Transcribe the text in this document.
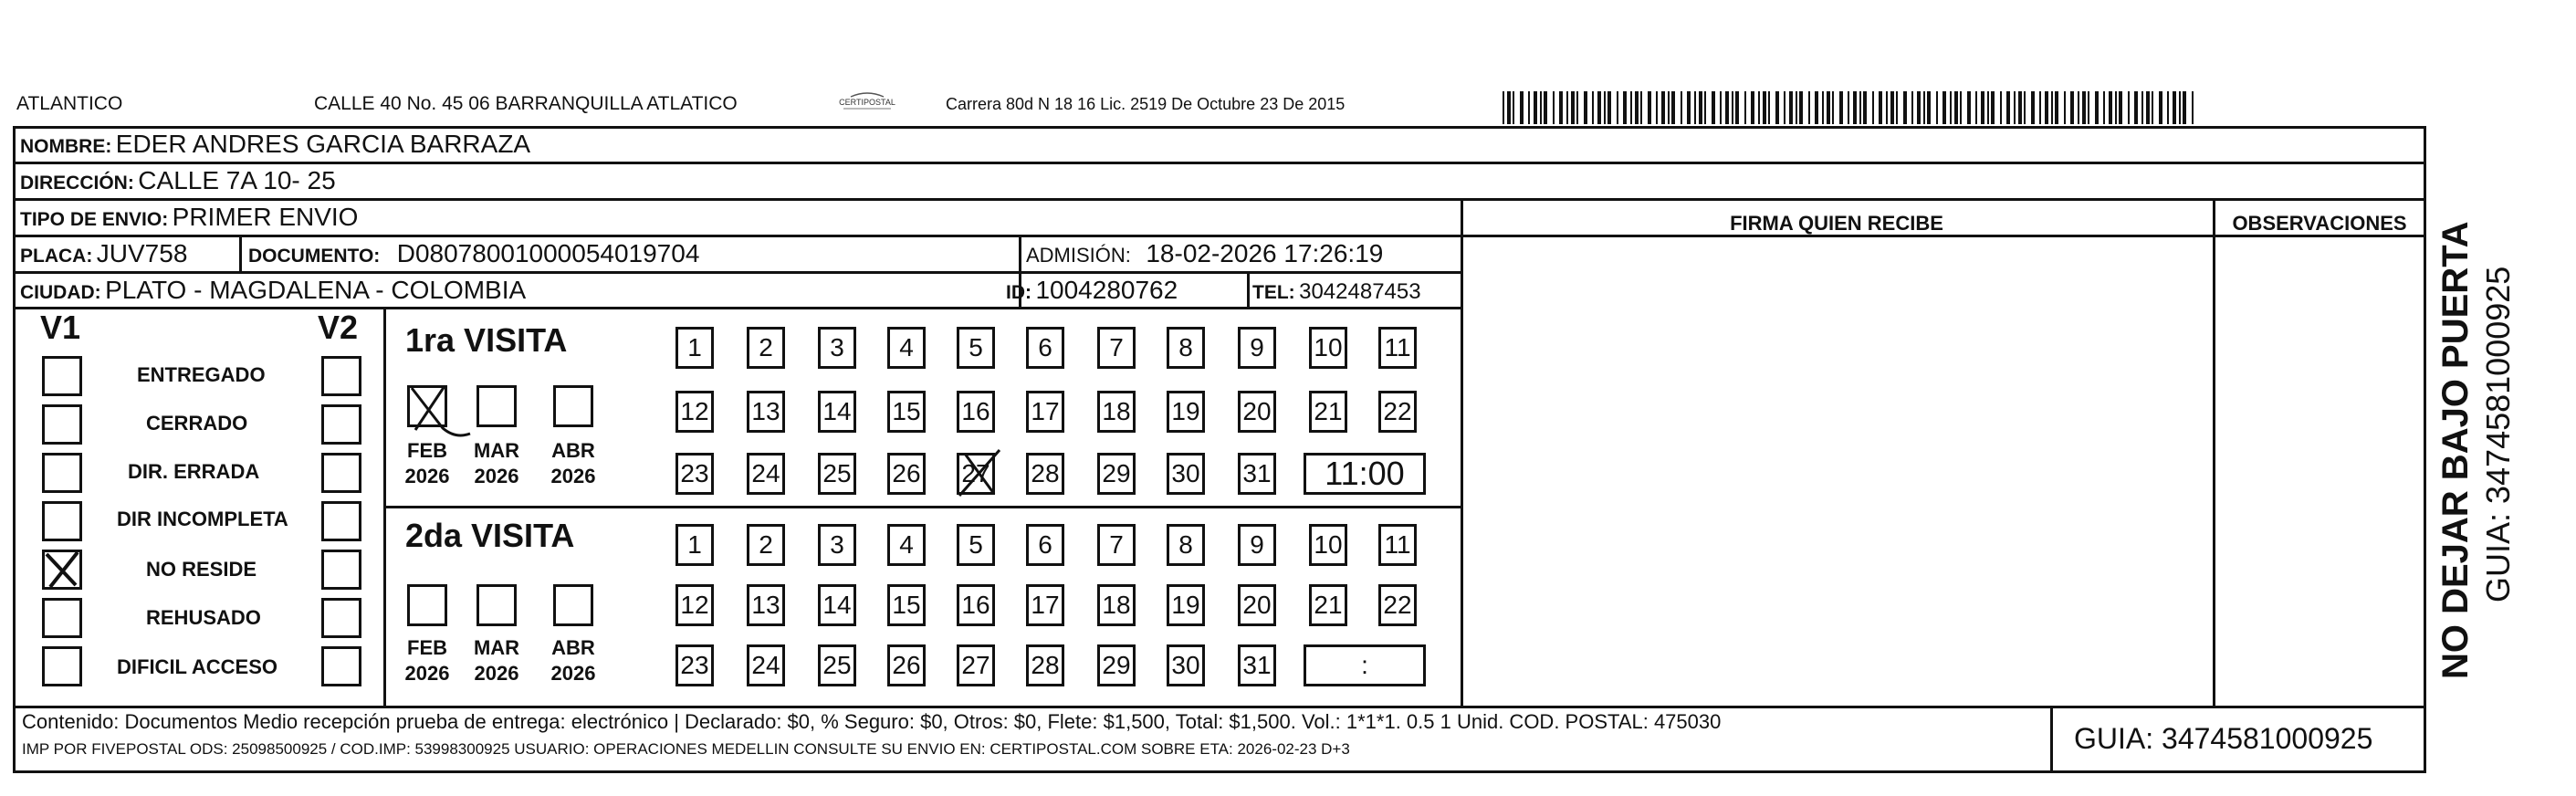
ATLANTICO	CALLE 40 No. 45 06 BARRANQUILLA ATLATICO	CERTIPOSTAL	Carrera 80d N 18 16 Lic. 2519 De Octubre 23 De 2015
NOMBRE: EDER ANDRES GARCIA BARRAZA
DIRECCIÓN: CALLE 7A 10- 25
TIPO DE ENVIO: PRIMER ENVIO	FIRMA QUIEN RECIBE	OBSERVACIONES
PLACA: JUV758	DOCUMENTO: D08078001000054019704	ADMISIÓN: 18-02-2026 17:26:19
CIUDAD: PLATO - MAGDALENA - COLOMBIA	ID: 1004280762	TEL: 3042487453
V1	V2
ENTREGADO
CERRADO
DIR. ERRADA
DIR INCOMPLETA
NO RESIDE
REHUSADO
DIFICIL ACCESO
1ra VISITA
2da VISITA
1	2	3	4	5	6	7	8	9	10 11
12 13 14 15 16 17 18 19 20 21 22
23 24 25 26 27 28 29 30 31	11:00
FEB
2026
MAR
2026
ABR
2026
1	2	3	4	5	6	7	8	9	10 11
12 13 14 15 16 17 18 19 20 21 22
23 24 25 26 27 28 29 30 31	:
FEB
2026
MAR
2026
ABR
2026
Contenido: Documentos Medio recepción prueba de entrega: electrónico | Declarado: $0, % Seguro: $0, Otros: $0, Flete: $1,500, Total: $1,500. Vol.: 1*1*1. 0.5 1 Unid. COD. POSTAL: 475030
IMP POR FIVEPOSTAL ODS: 25098500925 / COD.IMP: 53998300925 USUARIO: OPERACIONES MEDELLIN CONSULTE SU ENVIO EN: CERTIPOSTAL.COM SOBRE ETA: 2026-02-23 D+3	GUIA: 3474581000925
NO DEJAR BAJO PUERTA GUIA: 3474581000925
